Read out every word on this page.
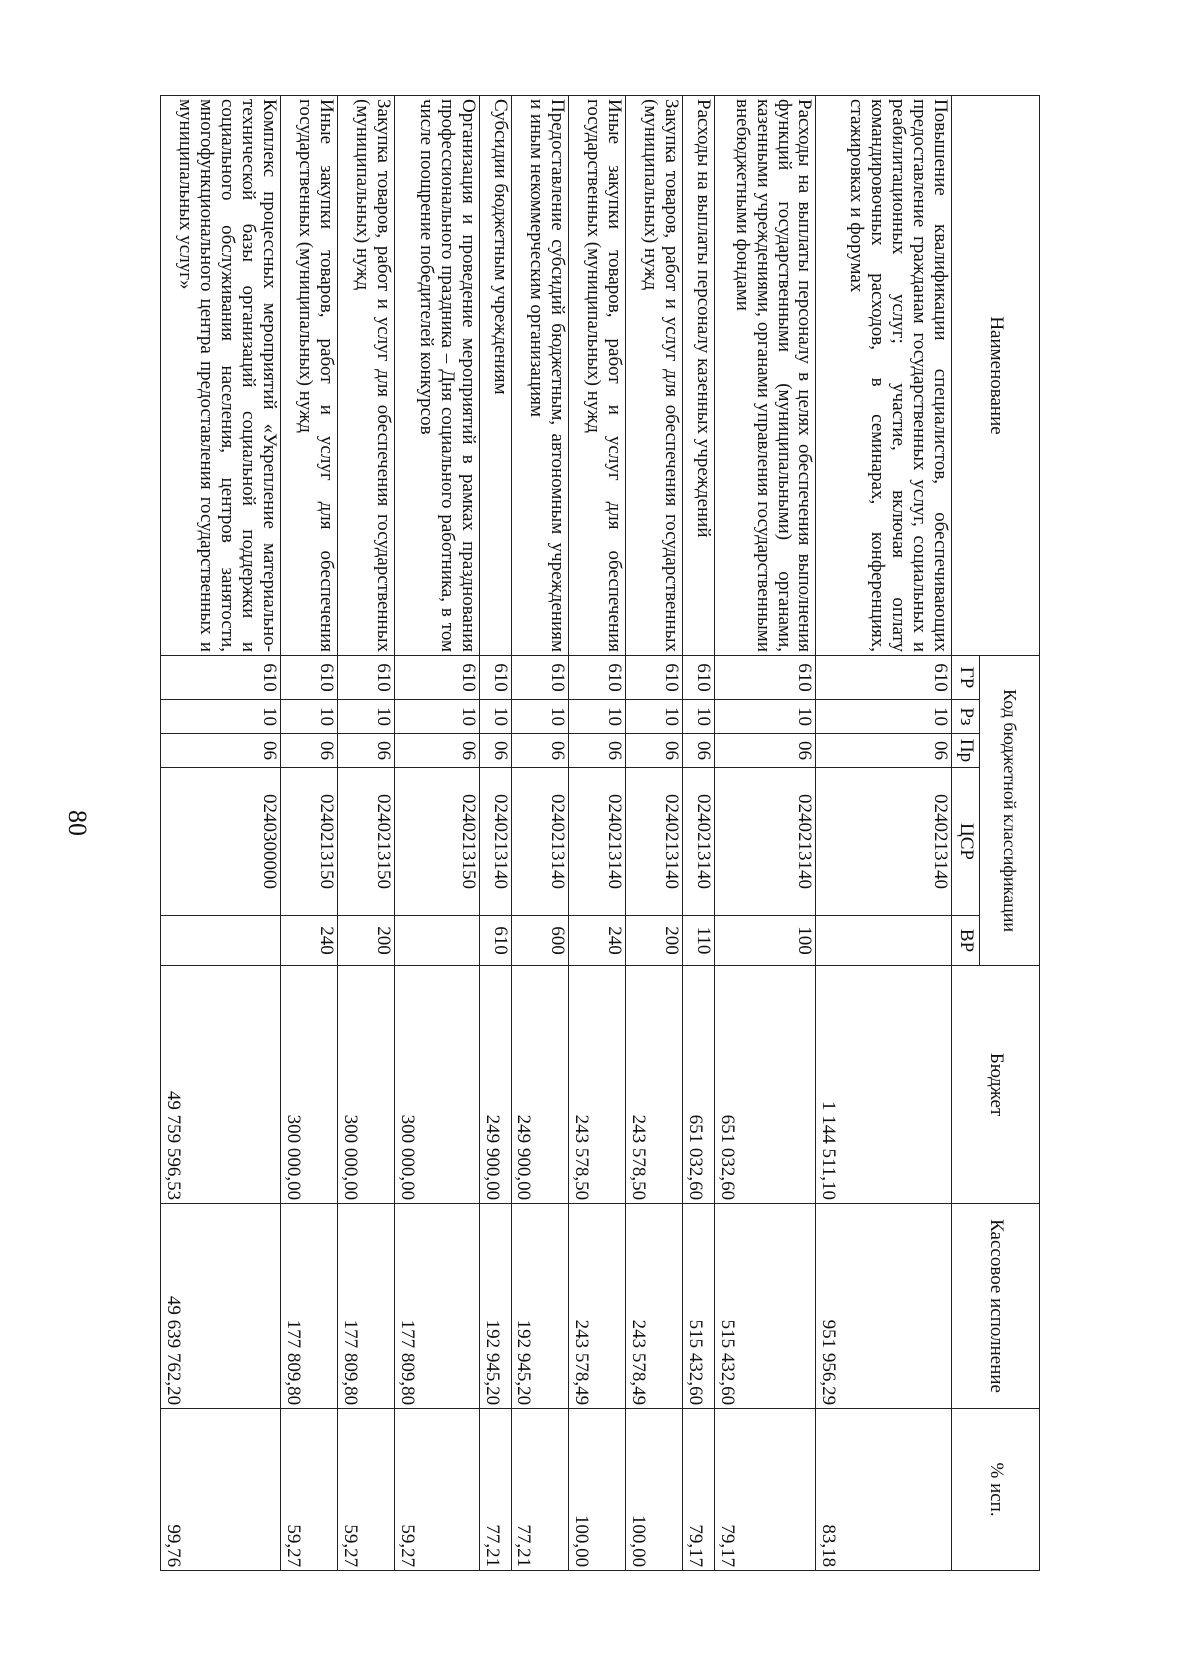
80
Наименование	Код бюджетной классификации					Бюджет	Кассовое исполнение	% исп.
	ГР	Рз	Пр	ЦСР	ВР			
Повышение квалификации специалистов, обеспечивающих предоставление гражданам государственных услуг, социальных и реабилитационных услуг; участие, включая оплату командировочных расходов, в семинарах, конференциях, стажировках и форумах	610	10	06	0240213140		1 144 511,10	951 956,29	83,18
Расходы на выплаты персоналу в целях обеспечения выполнения функций государственными (муниципальными) органами, казенными учреждениями, органами управления государственными внебюджетными фондами	610	10	06	0240213140	100	651 032,60	515 432,60	79,17
Расходы на выплаты персоналу казенных учреждений	610	10	06	0240213140	110	651 032,60	515 432,60	79,17
Закупка товаров, работ и услуг для обеспечения государственных (муниципальных) нужд	610	10	06	0240213140	200	243 578,50	243 578,49	100,00
Иные закупки товаров, работ и услуг для обеспечения государственных (муниципальных) нужд	610	10	06	0240213140	240	243 578,50	243 578,49	100,00
Предоставление субсидий бюджетным, автономным учреждениям и иным некоммерческим организациям	610	10	06	0240213140	600	249 900,00	192 945,20	77,21
Субсидии бюджетным учреждениям	610	10	06	0240213140	610	249 900,00	192 945,20	77,21
Организация и проведение мероприятий в рамках празднования профессионального праздника – Дня социального работника, в том числе поощрение победителей конкурсов	610	10	06	0240213150		300 000,00	177 809,80	59,27
Закупка товаров, работ и услуг для обеспечения государственных (муниципальных) нужд	610	10	06	0240213150	200	300 000,00	177 809,80	59,27
Иные закупки товаров, работ и услуг для обеспечения государственных (муниципальных) нужд	610	10	06	0240213150	240	300 000,00	177 809,80	59,27
Комплекс процессных мероприятий «Укрепление материально-технической базы организаций социальной поддержки и социального обслуживания населения, центров занятости, многофункционального центра предоставления государственных и муниципальных услуг»	610	10	06	0240300000		49 759 596,53	49 639 762,20	99,76
